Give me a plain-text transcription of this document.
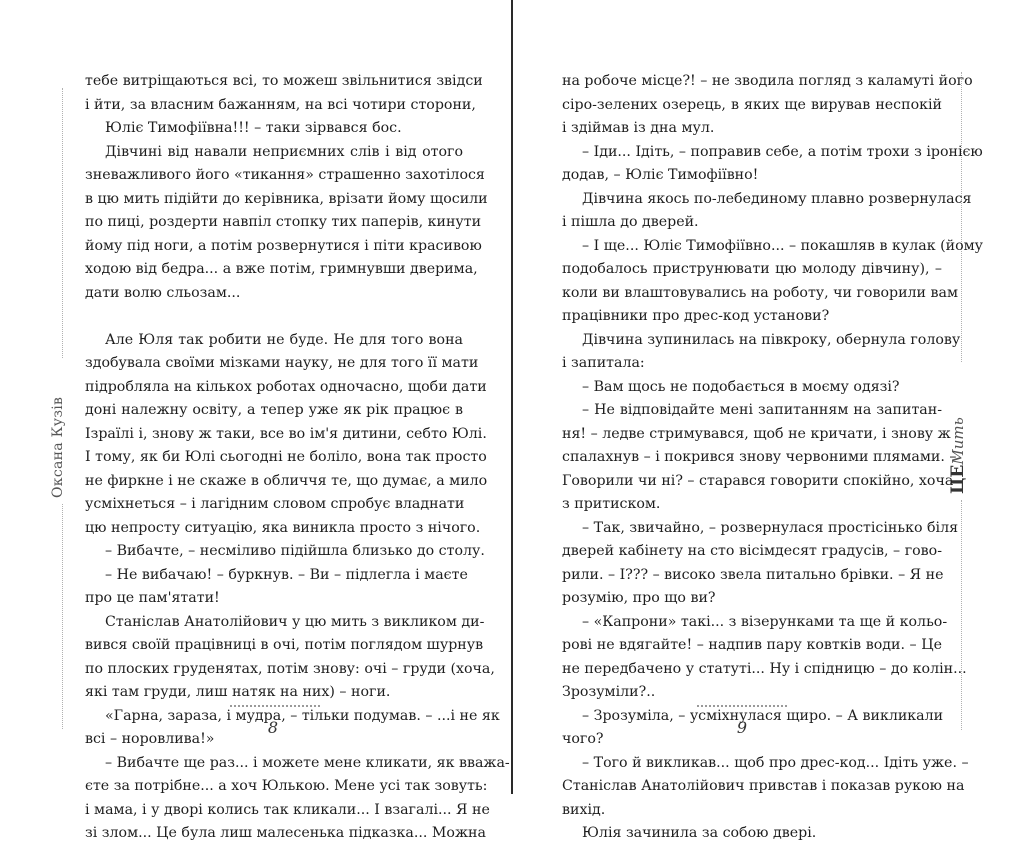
Оксана Кузів	ЦЕМить
тебе витріщаються всі, то можеш звільнитися звідси
і йти, за власним бажанням, на всі чотири сторони,
Юліє Тимофіївна!!! – таки зірвався бос.
Дівчині від навали неприємних слів і від отого
зневажливого його «тикання» страшенно захотілося
в цю мить підійти до керівника, врізати йому щосили
по пиці, роздерти навпіл стопку тих паперів, кинути
йому під ноги, а потім розвернутися і піти красивою
ходою від бедра... а вже потім, гримнувши дверима,
дати волю сльозам...
Але Юля так робити не буде. Не для того вона
здобувала своїми мізками науку, не для того її мати
підробляла на кількох роботах одночасно, щоби дати
доні належну освіту, а тепер уже як рік працює в
Ізраїлі і, знову ж таки, все во ім'я дитини, себто Юлі.
І тому, як би Юлі сьогодні не боліло, вона так просто
не фиркне і не скаже в обличчя те, що думає, а мило
усміхнеться – і лагідним словом спробує владнати
цю непросту ситуацію, яка виникла просто з нічого.
– Вибачте, – несміливо підійшла близько до столу.
– Не вибачаю! – буркнув. – Ви – підлегла і маєте
про це пам'ятати!
Станіслав Анатолійович у цю мить з викликом ди-
вився своїй працівниці в очі, потім поглядом шурнув
по плоских груденятах, потім знову: очі – груди (хоча,
які там груди, лиш натяк на них) – ноги.
«Гарна, зараза, і мудра, – тільки подумав. – ...і не як
всі – норовлива!»
– Вибачте ще раз... і можете мене кликати, як вважа-
єте за потрібне... а хоч Юлькою. Мене усі так зовуть:
і мама, і у дворі колись так кликали... І взагалі... Я не
зі злом... Це була лиш малесенька підказка... Можна
на робоче місце?! – не зводила погляд з каламуті його
сіро-зелених озерець, в яких ще вирував неспокій
і здіймав із дна мул.
– Іди... Ідіть, – поправив себе, а потім трохи з іронією
додав, – Юліє Тимофіївно!
Дівчина якось по-лебединому плавно розвернулася
і пішла до дверей.
– І ще... Юліє Тимофіївно... – покашляв в кулак (йому
подобалось приструнювати цю молоду дівчину), –
коли ви влаштовувались на роботу, чи говорили вам
працівники про дрес-код установи?
Дівчина зупинилась на півкроку, обернула голову
і запитала:
– Вам щось не подобається в моєму одязі?
– Не відповідайте мені запитанням на запитан-
ня! – ледве стримувався, щоб не кричати, і знову ж
спалахнув – і покрився знову червоними плямами. –
Говорили чи ні? – старався говорити спокійно, хоча
з притиском.
– Так, звичайно, – розвернулася простісінько біля
дверей кабінету на сто вісімдесят градусів, – гово-
рили. – І??? – високо звела питально брівки. – Я не
розумію, про що ви?
– «Капрони» такі... з візерунками та ще й кольо-
рові не вдягайте! – надпив пару ковтків води. – Це
не передбачено у статуті... Ну і спідницю – до колін...
Зрозуміли?..
– Зрозуміла, – усміхнулася щиро. – А викликали
чого?
– Того й викликав... щоб про дрес-код... Ідіть уже. –
Станіслав Анатолійович привстав і показав рукою на
вихід.
Юлія зачинила за собою двері.
8	9
